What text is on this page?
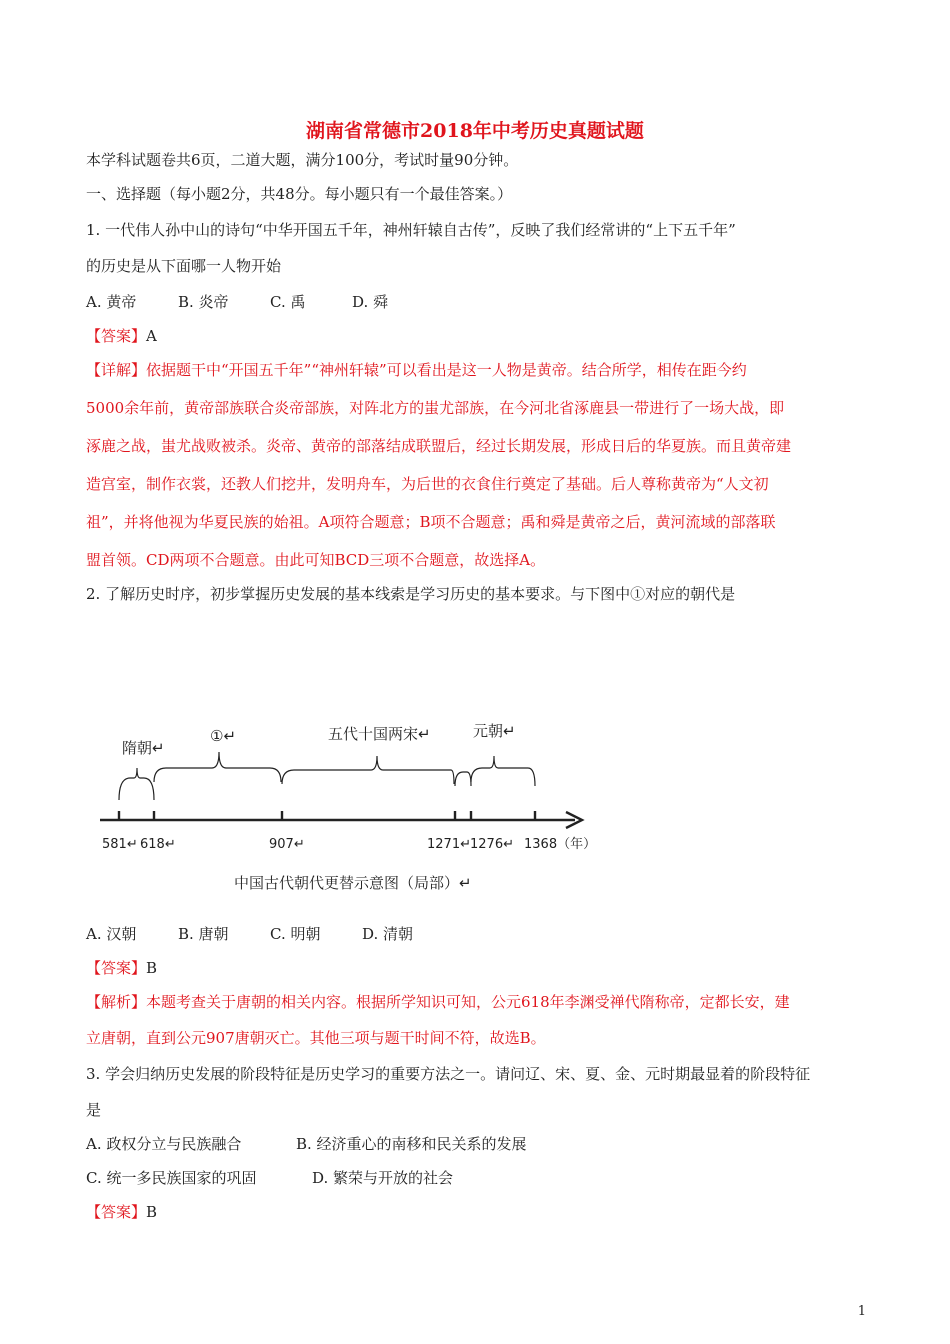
湖南省常德市2018年中考历史真题试题
本学科试题卷共6页，二道大题，满分100分，考试时量90分钟。
一、选择题（每小题2分，共48分。每小题只有一个最佳答案。）
1. 一代伟人孙中山的诗句“中华开国五千年，神州轩辕自古传”，反映了我们经常讲的“上下五千年”
的历史是从下面哪一人物开始
A. 黄帝	B. 炎帝	C. 禹	D. 舜
【答案】A
【详解】依据题干中“开国五千年”“神州轩辕”可以看出是这一人物是黄帝。结合所学，相传在距今约
5000余年前，黄帝部族联合炎帝部族，对阵北方的蚩尤部族，在今河北省涿鹿县一带进行了一场大战，即
涿鹿之战，蚩尤战败被杀。炎帝、黄帝的部落结成联盟后，经过长期发展，形成日后的华夏族。而且黄帝建
造宫室，制作衣裳，还教人们挖井，发明舟车，为后世的衣食住行奠定了基础。后人尊称黄帝为“人文初
祖”，并将他视为华夏民族的始祖。A项符合题意；B项不合题意；禹和舜是黄帝之后，黄河流域的部落联
盟首领。CD两项不合题意。由此可知BCD三项不合题意，故选择A。
2. 了解历史时序，初步掌握历史发展的基本线索是学习历史的基本要求。与下图中①对应的朝代是
隋朝↵
①↵	五代十国两宋↵	元朝↵
581↵ 618↵	907↵	1271↵ 1276↵ 1368（年）
中国古代朝代更替示意图（局部）↵
A. 汉朝	B. 唐朝	C. 明朝	D. 清朝
【答案】B
【解析】本题考查关于唐朝的相关内容。根据所学知识可知，公元618年李渊受禅代隋称帝，定都长安，建
立唐朝，直到公元907唐朝灭亡。其他三项与题干时间不符，故选B。
3. 学会归纳历史发展的阶段特征是历史学习的重要方法之一。请问辽、宋、夏、金、元时期最显着的阶段特征
是
A. 政权分立与民族融合	B. 经济重心的南移和民关系的发展
C. 统一多民族国家的巩固	D. 繁荣与开放的社会
【答案】B
1
